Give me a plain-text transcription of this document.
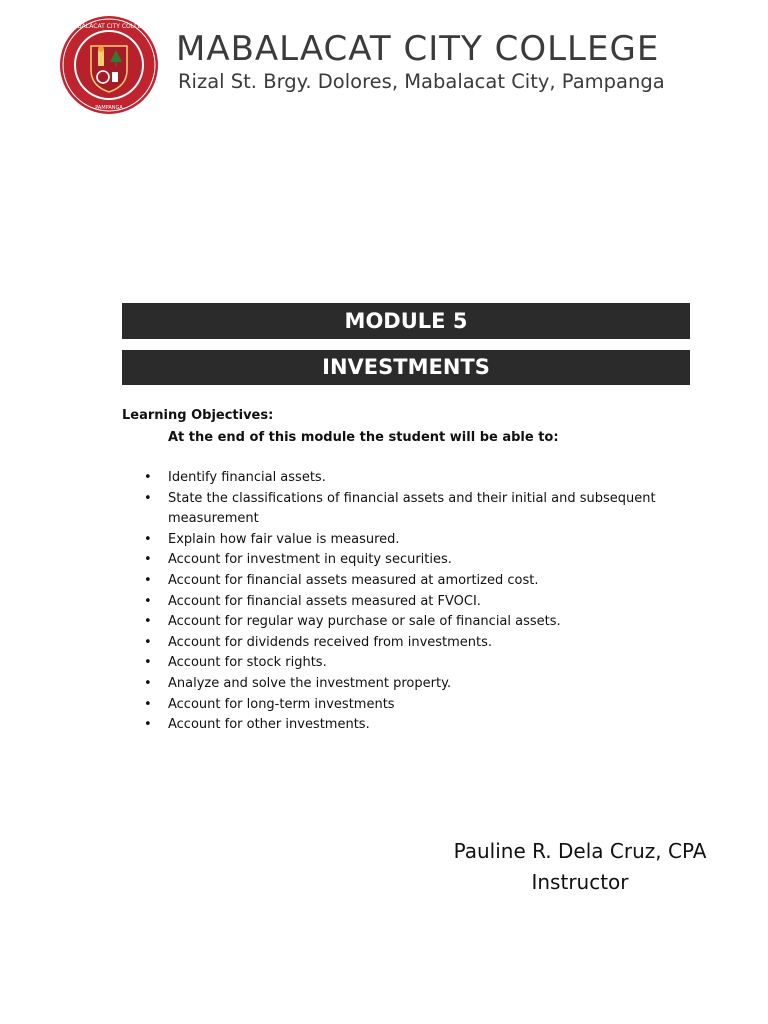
MABALACAT CITY COLLEGE
PAMPANGA
MABALACAT CITY COLLEGE
Rizal St. Brgy. Dolores, Mabalacat City, Pampanga
MODULE 5
INVESTMENTS

Learning Objectives:

At the end of this module the student will be able to:

• Identify financial assets.
• State the classifications of financial assets and their initial and subsequent measurement
• Explain how fair value is measured.
• Account for investment in equity securities.
• Account for financial assets measured at amortized cost.
• Account for financial assets measured at FVOCI.
• Account for regular way purchase or sale of financial assets.
• Account for dividends received from investments.
• Account for stock rights.
• Analyze and solve the investment property.
• Account for long-term investments
• Account for other investments.
Pauline R. Dela Cruz, CPA
Instructor
